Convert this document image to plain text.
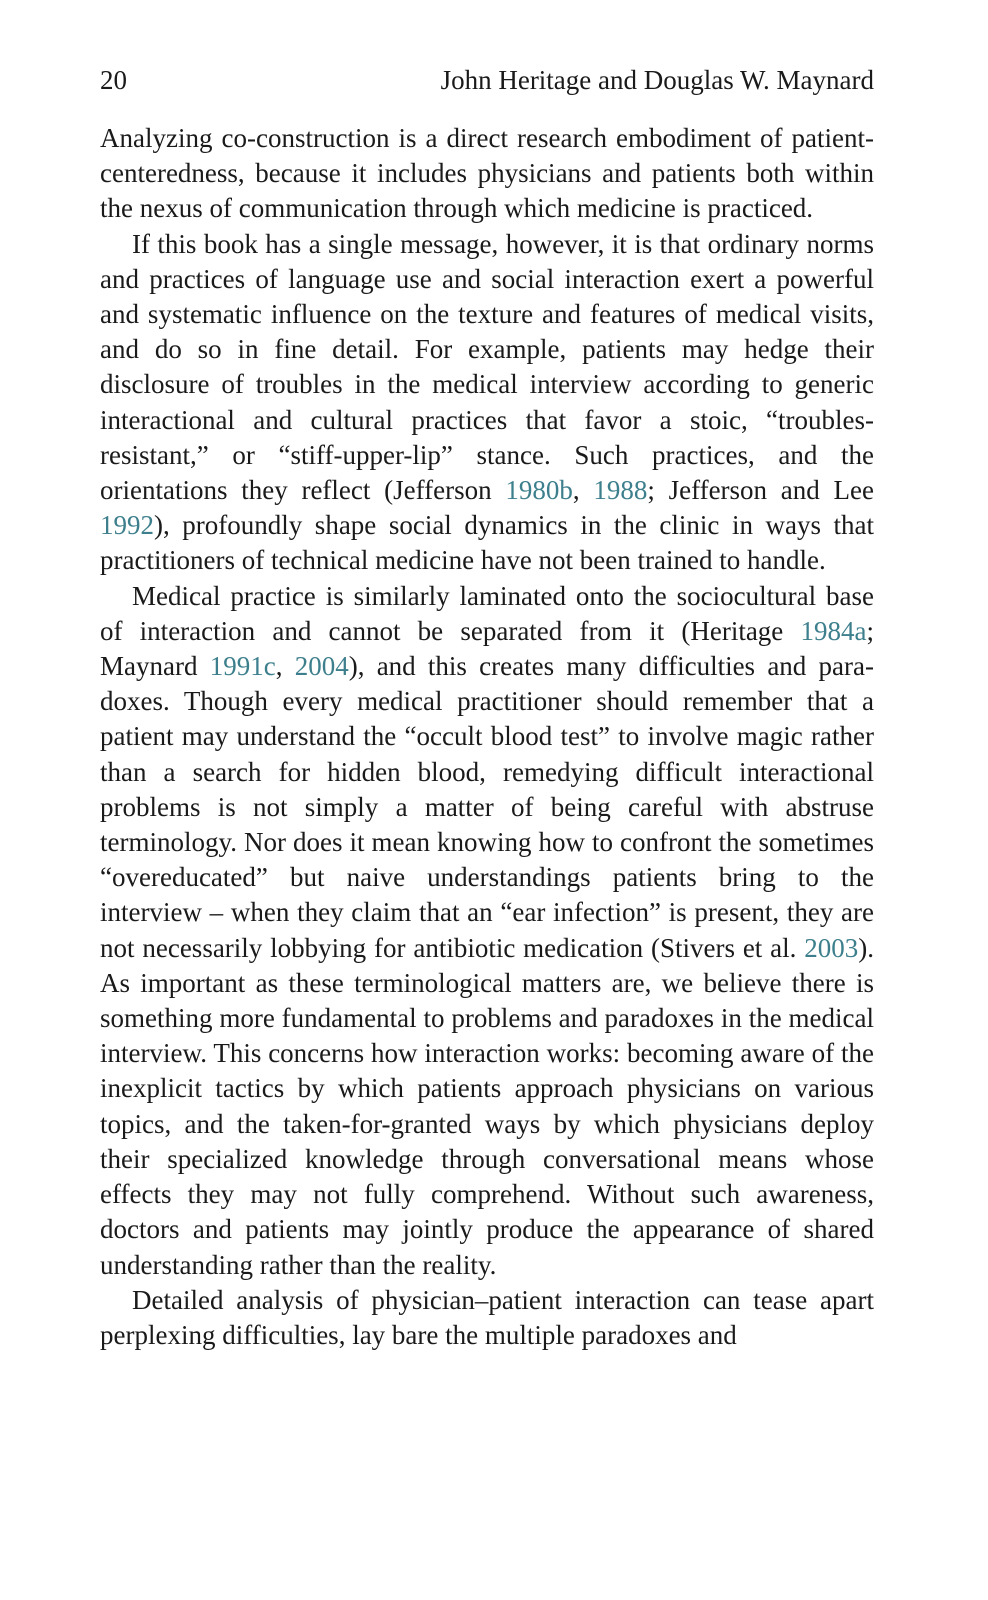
20	John Heritage and Douglas W. Maynard

Analyzing co-construction is a direct research embodiment of patient-centeredness, because it includes physicians and patients both within the nexus of communication through which medicine is practiced.

If this book has a single message, however, it is that ordinary norms and practices of language use and social interaction exert a powerful and systematic influence on the texture and features of medical visits, and do so in fine detail. For example, patients may hedge their disclosure of troubles in the medical interview according to generic interactional and cultural practices that favor a stoic, “troubles-resistant,” or “stiff-upper-lip” stance. Such practices, and the orientations they reflect (Jefferson 1980b, 1988; Jefferson and Lee 1992), profoundly shape social dynamics in the clinic in ways that practitioners of technical medicine have not been trained to handle.

Medical practice is similarly laminated onto the sociocultural base of interaction and cannot be separated from it (Heritage 1984a; Maynard 1991c, 2004), and this creates many difficulties and paradoxes. Though every medical practitioner should remember that a patient may understand the “occult blood test” to involve magic rather than a search for hidden blood, remedying difficult interactional problems is not simply a matter of being careful with abstruse terminology. Nor does it mean knowing how to confront the sometimes “overeducated” but naive understandings patients bring to the interview – when they claim that an “ear infection” is present, they are not necessarily lobbying for antibiotic medication (Stivers et al. 2003). As important as these terminological matters are, we believe there is something more fundamental to problems and paradoxes in the medical interview. This concerns how interaction works: becoming aware of the inexplicit tactics by which patients approach physicians on various topics, and the taken-for-granted ways by which physicians deploy their specialized knowledge through conversational means whose effects they may not fully comprehend. Without such awareness, doctors and patients may jointly produce the appearance of shared understanding rather than the reality.

Detailed analysis of physician–patient interaction can tease apart perplexing difficulties, lay bare the multiple paradoxes and
